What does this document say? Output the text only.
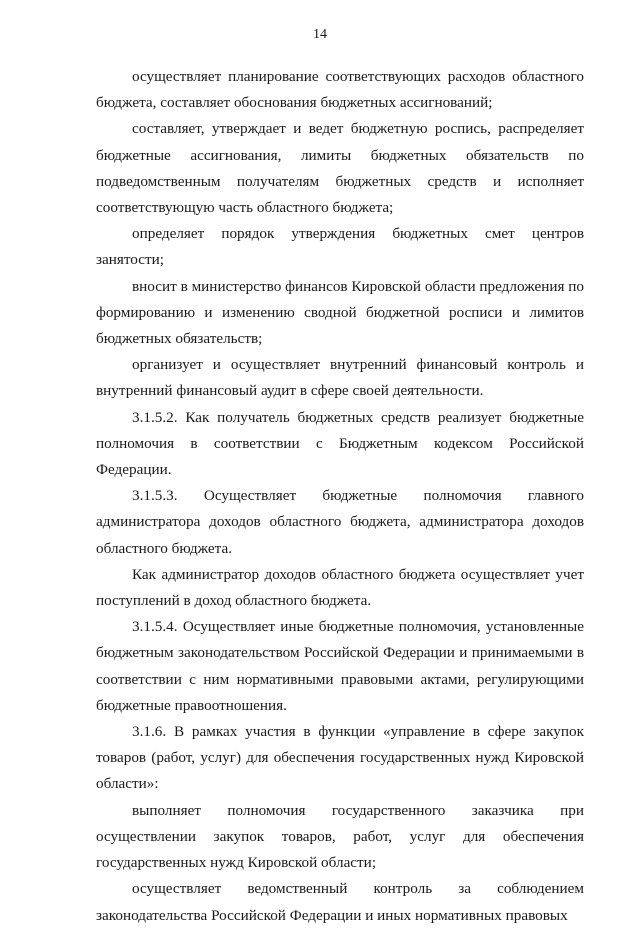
14

осуществляет планирование соответствующих расходов областного бюджета, составляет обоснования бюджетных ассигнований;

составляет, утверждает и ведет бюджетную роспись, распределяет бюджетные ассигнования, лимиты бюджетных обязательств по подведомственным получателям бюджетных средств и исполняет соответствующую часть областного бюджета;

определяет порядок утверждения бюджетных смет центров занятости;

вносит в министерство финансов Кировской области предложения по формированию и изменению сводной бюджетной росписи и лимитов бюджетных обязательств;

организует и осуществляет внутренний финансовый контроль и внутренний финансовый аудит в сфере своей деятельности.

3.1.5.2. Как получатель бюджетных средств реализует бюджетные полномочия в соответствии с Бюджетным кодексом Российской Федерации.

3.1.5.3. Осуществляет бюджетные полномочия главного администратора доходов областного бюджета, администратора доходов областного бюджета.

Как администратор доходов областного бюджета осуществляет учет поступлений в доход областного бюджета.

3.1.5.4. Осуществляет иные бюджетные полномочия, установленные бюджетным законодательством Российской Федерации и принимаемыми в соответствии с ним нормативными правовыми актами, регулирующими бюджетные правоотношения.

3.1.6. В рамках участия в функции «управление в сфере закупок товаров (работ, услуг) для обеспечения государственных нужд Кировской области»:

выполняет полномочия государственного заказчика при осуществлении закупок товаров, работ, услуг для обеспечения государственных нужд Кировской области;

осуществляет ведомственный контроль за соблюдением законодательства Российской Федерации и иных нормативных правовых
